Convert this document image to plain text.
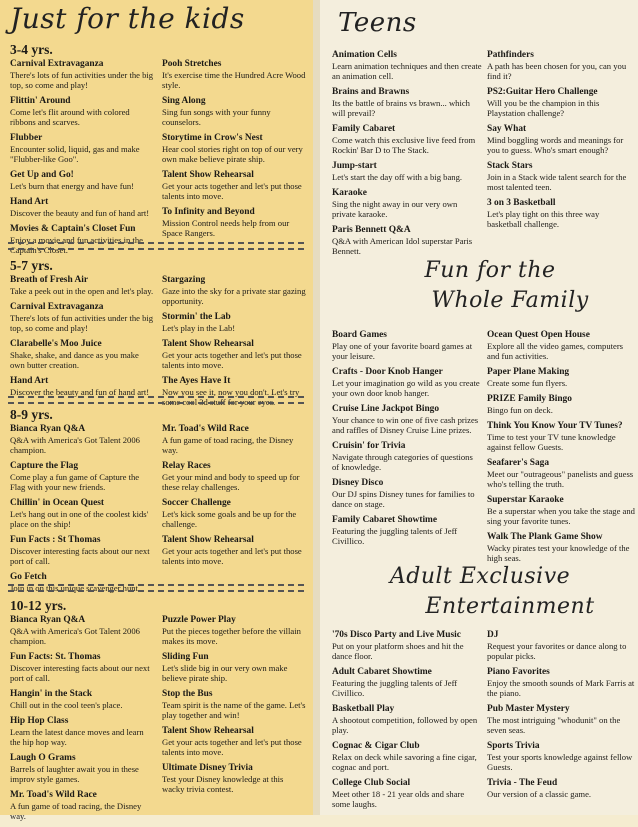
Just for the kids
3-4 yrs.
Carnival Extravaganza
There's lots of fun activities under the big top, so come and play!
Flittin' Around
Come let's flit around with colored ribbons and scarves.
Flubber
Encounter solid, liquid, gas and make "Flubber-like Goo".
Get Up and Go!
Let's burn that energy and have fun!
Hand Art
Discover the beauty and fun of hand art!
Movies & Captain's Closet Fun
Enjoy a movie and fun activities in the Captain's Closet.
Pooh Stretches
It's exercise time the Hundred Acre Wood style.
Sing Along
Sing fun songs with your funny counselors.
Storytime in Crow's Nest
Hear cool stories right on top of our very own make believe pirate ship.
Talent Show Rehearsal
Get your acts together and let's put those talents into move.
To Infinity and Beyond
Mission Control needs help from our Space Rangers.
5-7 yrs.
Breath of Fresh Air
Take a peek out in the open and let's play.
Carnival Extravaganza
There's lots of fun activities under the big top, so come and play!
Clarabelle's Moo Juice
Shake, shake, and dance as you make own butter creation.
Hand Art
Discover the beauty and fun of hand art!
Stargazing
Gaze into the sky for a private star gazing opportunity.
Stormin' the Lab
Let's play in the Lab!
Talent Show Rehearsal
Get your acts together and let's put those talents into move.
The Ayes Have It
Now you see it, now you don't. Let's try some cool 3d stuff for your eyes.
8-9 yrs.
Bianca Ryan Q&A
Q&A with America's Got Talent 2006 champion.
Capture the Flag
Come play a fun game of Capture the Flag with your new friends.
Chillin' in Ocean Quest
Let's hang out in one of the coolest kids' place on the ship!
Fun Facts : St Thomas
Discover interesting facts about our next port of call.
Go Fetch
Join in on this unique scavenger hunt.
Mr. Toad's Wild Race
A fun game of toad racing, the Disney way.
Relay Races
Get your mind and body to speed up for these relay challenges.
Soccer Challenge
Let's kick some goals and be up for the challenge.
Talent Show Rehearsal
Get your acts together and let's put those talents into move.
10-12 yrs.
Bianca Ryan Q&A
Q&A with America's Got Talent 2006 champion.
Fun Facts: St. Thomas
Discover interesting facts about our next port of call.
Hangin' in the Stack
Chill out in the cool teen's place.
Hip Hop Class
Learn the latest dance moves and learn the hip hop way.
Laugh O Grams
Barrels of laughter await you in these improv style games.
Mr. Toad's Wild Race
A fun game of toad racing, the Disney way.
Puzzle Power Play
Put the pieces together before the villain makes its move.
Sliding Fun
Let's slide big in our very own make believe pirate ship.
Stop the Bus
Team spirit is the name of the game. Let's play together and win!
Talent Show Rehearsal
Get your acts together and let's put those talents into move.
Ultimate Disney Trivia
Test your Disney knowledge at this wacky trivia contest.
Teens
Animation Cells
Learn animation techniques and then create an animation cell.
Brains and Brawns
Its the battle of brains vs brawn... which will prevail?
Family Cabaret
Come watch this exclusive live feed from Rockin' Bar D to The Stack.
Jump-start
Let's start the day off with a big bang.
Karaoke
Sing the night away in our very own private karaoke.
Paris Bennett Q&A
Q&A with American Idol superstar Paris Bennett.
Pathfinders
A path has been chosen for you, can you find it?
PS2:Guitar Hero Challenge
Will you be the champion in this Playstation challenge?
Say What
Mind boggling words and meanings for you to guess. Who's smart enough?
Stack Stars
Join in a Stack wide talent search for the most talented teen.
3 on 3 Basketball
Let's play tight on this three way basketball challenge.
Fun for the
Whole Family
Board Games
Play one of your favorite board games at your leisure.
Crafts - Door Knob Hanger
Let your imagination go wild as you create your own door knob hanger.
Cruise Line Jackpot Bingo
Your chance to win one of five cash prizes and raffles of Disney Cruise Line prizes.
Cruisin' for Trivia
Navigate through categories of questions of knowledge.
Disney Disco
Our DJ spins Disney tunes for families to dance on stage.
Family Cabaret Showtime
Featuring the juggling talents of Jeff Civillico.
Ocean Quest Open House
Explore all the video games, computers and fun activities.
Paper Plane Making
Create some fun flyers.
PRIZE Family Bingo
Bingo fun on deck.
Think You Know Your TV Tunes?
Time to test your TV tune knowledge against fellow Guests.
Seafarer's Saga
Meet our "outrageous" panelists and guess who's telling the truth.
Superstar Karaoke
Be a superstar when you take the stage and sing your favorite tunes.
Walk The Plank Game Show
Wacky pirates test your knowledge of the high seas.
Adult Exclusive
Entertainment
'70s Disco Party and Live Music
Put on your platform shoes and hit the dance floor.
Adult Cabaret Showtime
Featuring the juggling talents of Jeff Civillico.
Basketball Play
A shootout competition, followed by open play.
Cognac & Cigar Club
Relax on deck while savoring a fine cigar, cognac and port.
College Club Social
Meet other 18 - 21 year olds and share some laughs.
DJ
Request your favorites or dance along to popular picks.
Piano Favorites
Enjoy the smooth sounds of Mark Farris at the piano.
Pub Master Mystery
The most intriguing "whodunit" on the seven seas.
Sports Trivia
Test your sports knowledge against fellow Guests.
Trivia - The Feud
Our version of a classic game.
